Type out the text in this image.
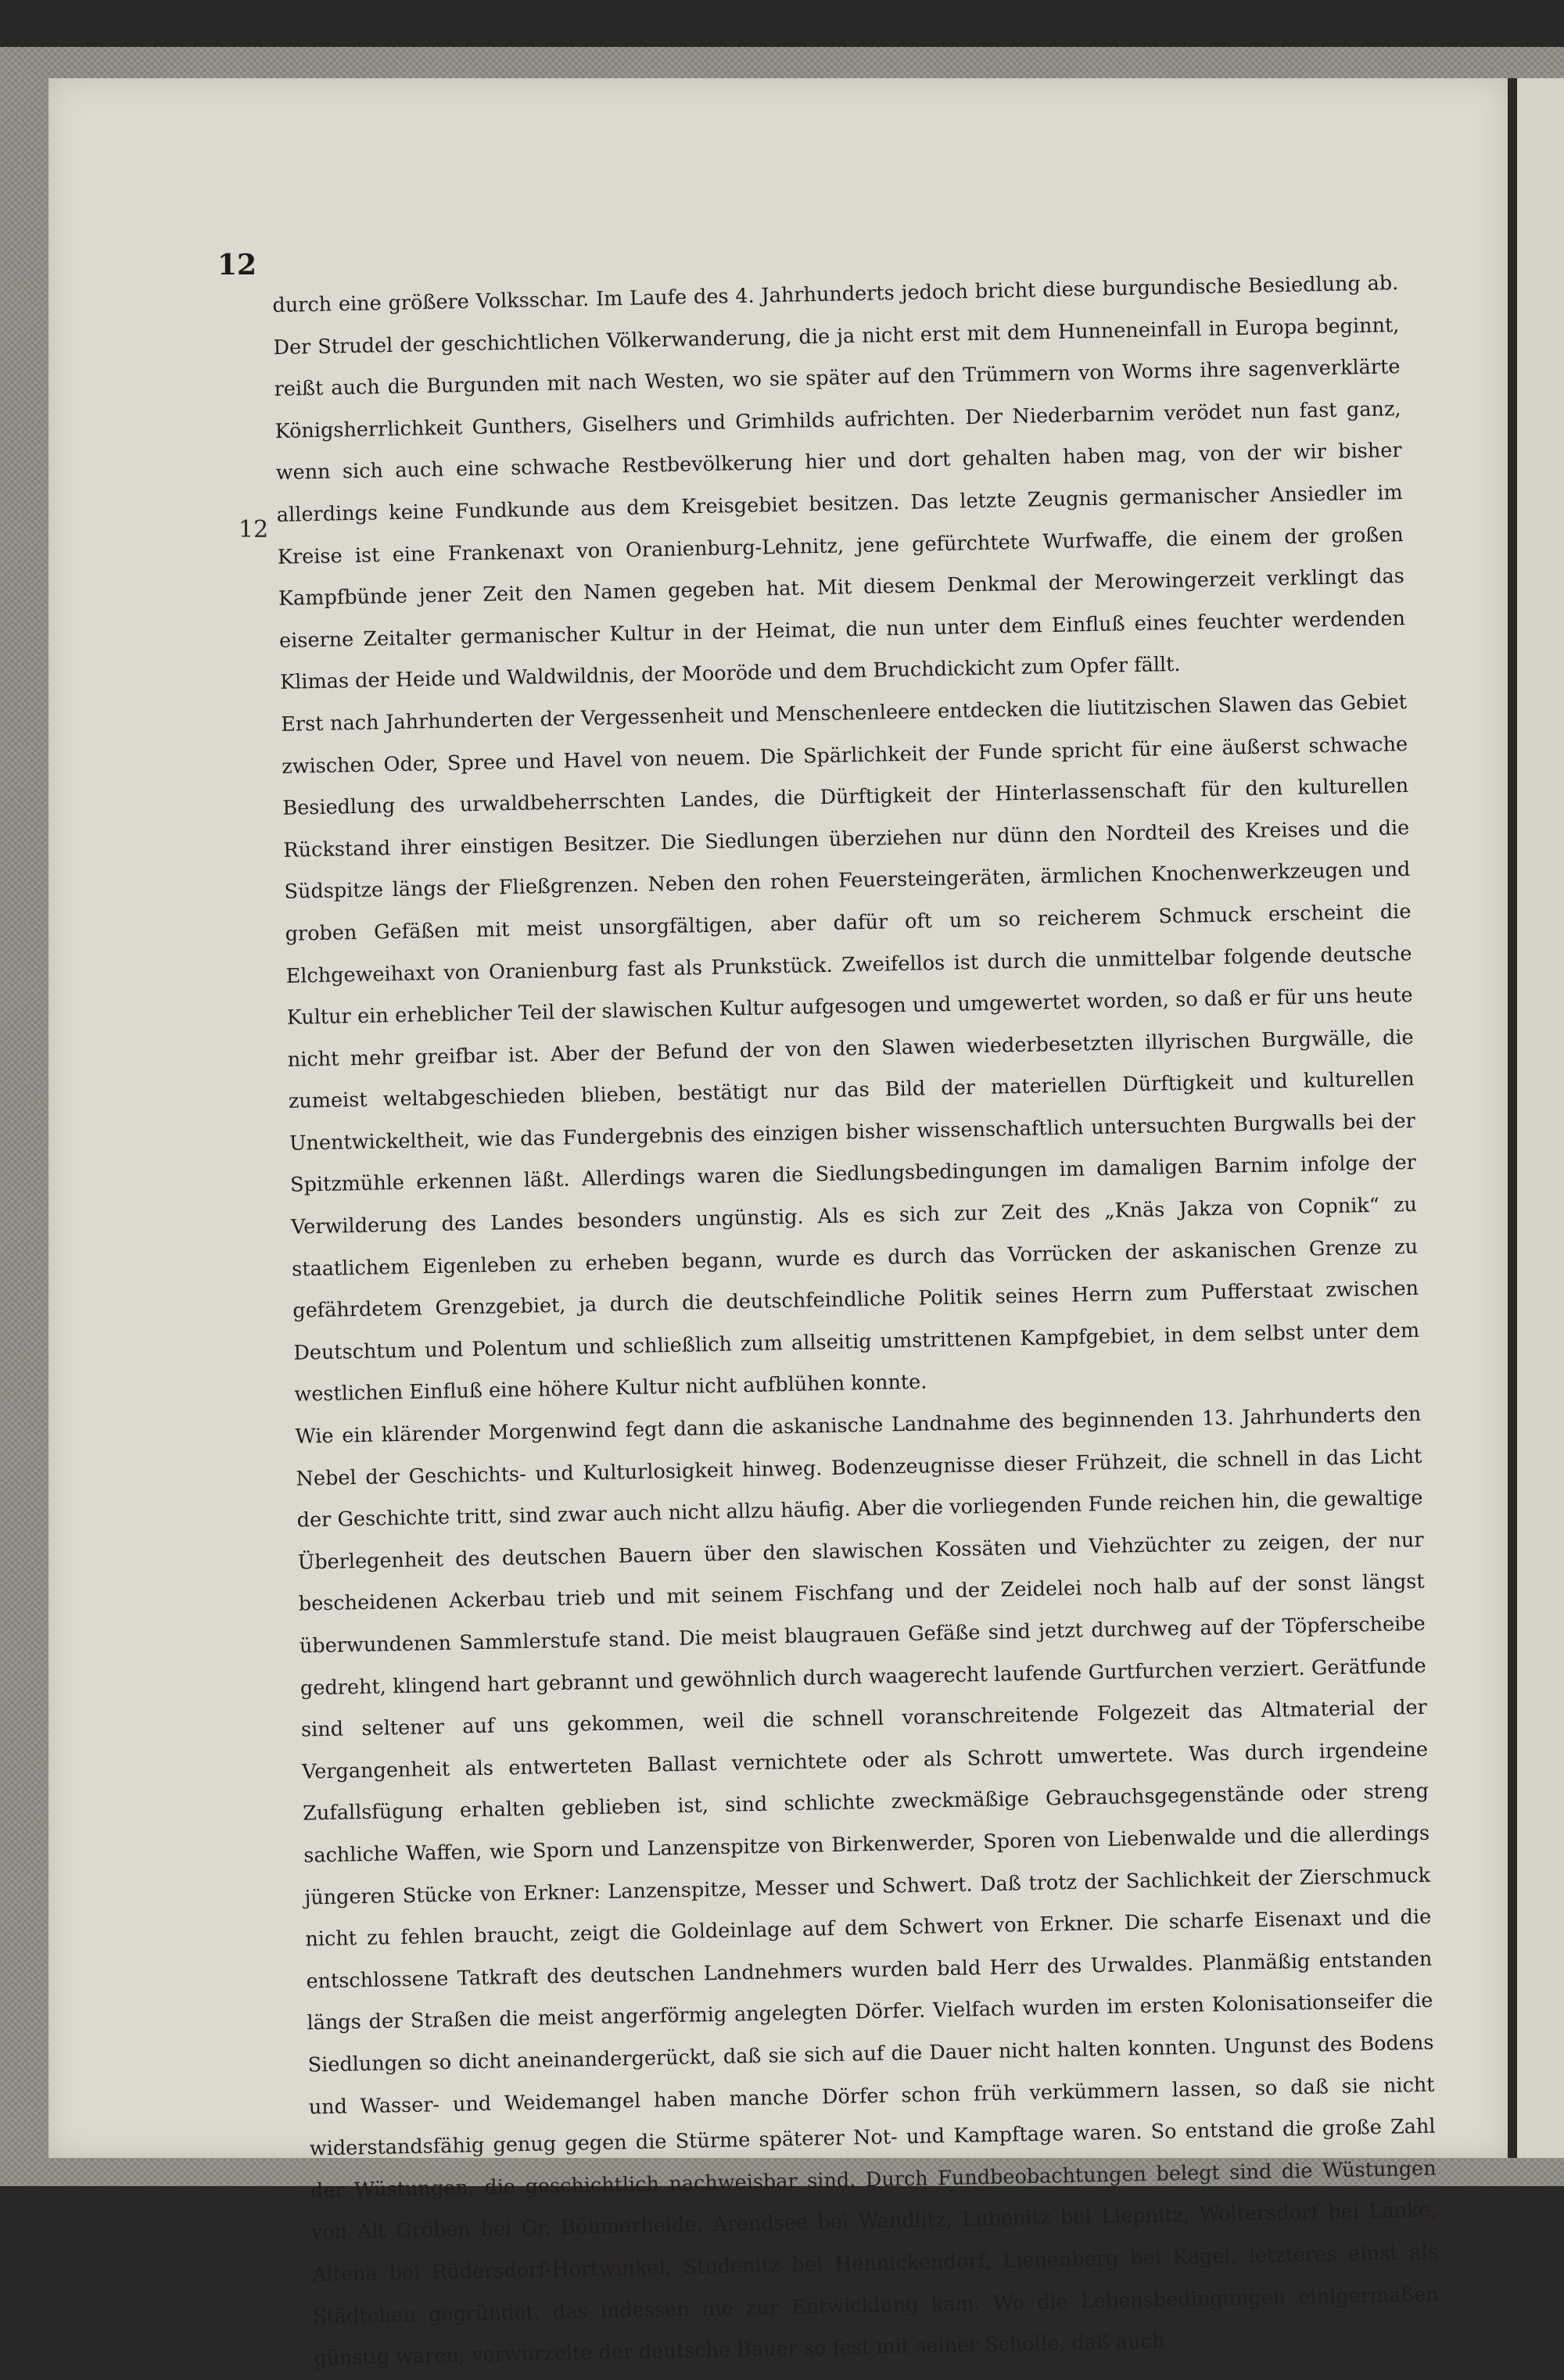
12
12

durch eine größere Volksschar. Im Laufe des 4. Jahrhunderts jedoch bricht diese burgundische Besiedlung ab. Der Strudel der geschichtlichen Völkerwanderung, die ja nicht erst mit dem Hunneneinfall in Europa beginnt, reißt auch die Burgunden mit nach Westen, wo sie später auf den Trümmern von Worms ihre sagenverklärte Königsherrlichkeit Gunthers, Giselhers und Grimhilds aufrichten. Der Niederbarnim verödet nun fast ganz, wenn sich auch eine schwache Restbevölkerung hier und dort gehalten haben mag, von der wir bisher allerdings keine Fundkunde aus dem Kreisgebiet besitzen. Das letzte Zeugnis germanischer Ansiedler im Kreise ist eine Frankenaxt von Oranienburg-Lehnitz, jene gefürchtete Wurfwaffe, die einem der großen Kampfbünde jener Zeit den Namen gegeben hat. Mit diesem Denkmal der Merowingerzeit verklingt das eiserne Zeitalter germanischer Kultur in der Heimat, die nun unter dem Einfluß eines feuchter werdenden Klimas der Heide und Waldwildnis, der Mooröde und dem Bruchdickicht zum Opfer fällt.

Erst nach Jahrhunderten der Vergessenheit und Menschenleere entdecken die liutitzischen Slawen das Gebiet zwischen Oder, Spree und Havel von neuem. Die Spärlichkeit der Funde spricht für eine äußerst schwache Besiedlung des urwaldbeherrschten Landes, die Dürftigkeit der Hinterlassenschaft für den kulturellen Rückstand ihrer einstigen Besitzer. Die Siedlungen überziehen nur dünn den Nordteil des Kreises und die Südspitze längs der Fließgrenzen. Neben den rohen Feuersteingeräten, ärmlichen Knochenwerkzeugen und groben Gefäßen mit meist unsorgfältigen, aber dafür oft um so reicherem Schmuck erscheint die Elchgeweihaxt von Oranienburg fast als Prunkstück. Zweifellos ist durch die unmittelbar folgende deutsche Kultur ein erheblicher Teil der slawischen Kultur aufgesogen und umgewertet worden, so daß er für uns heute nicht mehr greifbar ist. Aber der Befund der von den Slawen wiederbesetzten illyrischen Burgwälle, die zumeist weltabgeschieden blieben, bestätigt nur das Bild der materiellen Dürftigkeit und kulturellen Unentwickeltheit, wie das Fundergebnis des einzigen bisher wissenschaftlich untersuchten Burgwalls bei der Spitzmühle erkennen läßt. Allerdings waren die Siedlungsbedingungen im damaligen Barnim infolge der Verwilderung des Landes besonders ungünstig. Als es sich zur Zeit des „Knäs Jakza von Copnik“ zu staatlichem Eigenleben zu erheben begann, wurde es durch das Vorrücken der askanischen Grenze zu gefährdetem Grenzgebiet, ja durch die deutschfeindliche Politik seines Herrn zum Pufferstaat zwischen Deutschtum und Polentum und schließlich zum allseitig umstrittenen Kampfgebiet, in dem selbst unter dem westlichen Einfluß eine höhere Kultur nicht aufblühen konnte.

Wie ein klärender Morgenwind fegt dann die askanische Landnahme des beginnenden 13. Jahrhunderts den Nebel der Geschichts- und Kulturlosigkeit hinweg. Bodenzeugnisse dieser Frühzeit, die schnell in das Licht der Geschichte tritt, sind zwar auch nicht allzu häufig. Aber die vorliegenden Funde reichen hin, die gewaltige Überlegenheit des deutschen Bauern über den slawischen Kossäten und Viehzüchter zu zeigen, der nur bescheidenen Ackerbau trieb und mit seinem Fischfang und der Zeidelei noch halb auf der sonst längst überwundenen Sammlerstufe stand. Die meist blaugrauen Gefäße sind jetzt durchweg auf der Töpferscheibe gedreht, klingend hart gebrannt und gewöhnlich durch waagerecht laufende Gurtfurchen verziert. Gerätfunde sind seltener auf uns gekommen, weil die schnell voranschreitende Folgezeit das Altmaterial der Vergangenheit als entwerteten Ballast vernichtete oder als Schrott umwertete. Was durch irgendeine Zufallsfügung erhalten geblieben ist, sind schlichte zweckmäßige Gebrauchsgegenstände oder streng sachliche Waffen, wie Sporn und Lanzenspitze von Birkenwerder, Sporen von Liebenwalde und die allerdings jüngeren Stücke von Erkner: Lanzenspitze, Messer und Schwert. Daß trotz der Sachlichkeit der Zierschmuck nicht zu fehlen braucht, zeigt die Goldeinlage auf dem Schwert von Erkner. Die scharfe Eisenaxt und die entschlossene Tatkraft des deutschen Landnehmers wurden bald Herr des Urwaldes. Planmäßig entstanden längs der Straßen die meist angerförmig angelegten Dörfer. Vielfach wurden im ersten Kolonisationseifer die Siedlungen so dicht aneinandergerückt, daß sie sich auf die Dauer nicht halten konnten. Ungunst des Bodens und Wasser- und Weidemangel haben manche Dörfer schon früh verkümmern lassen, so daß sie nicht widerstandsfähig genug gegen die Stürme späterer Not- und Kampftage waren. So entstand die große Zahl der Wüstungen, die geschichtlich nachweisbar sind. Durch Fundbeobachtungen belegt sind die Wüstungen von Alt Gröben bei Gr. Böhmerheide, Arendsee bei Wandlitz, Lubenitz bei Liepnitz, Woltersdorf bei Lanke, Altena bei Rüdersdorf-Hortwinkel, Studenitz bei Hennickendorf, Lienenberg bei Kagel, letzteres einst als Städtchen gegründet, das indessen nie zur Entwicklung kam. Wo die Lebensbedingungen einigermaßen günstig waren, verwurzelte der deutsche Bauer so fest mit seiner Scholle, daß auch
